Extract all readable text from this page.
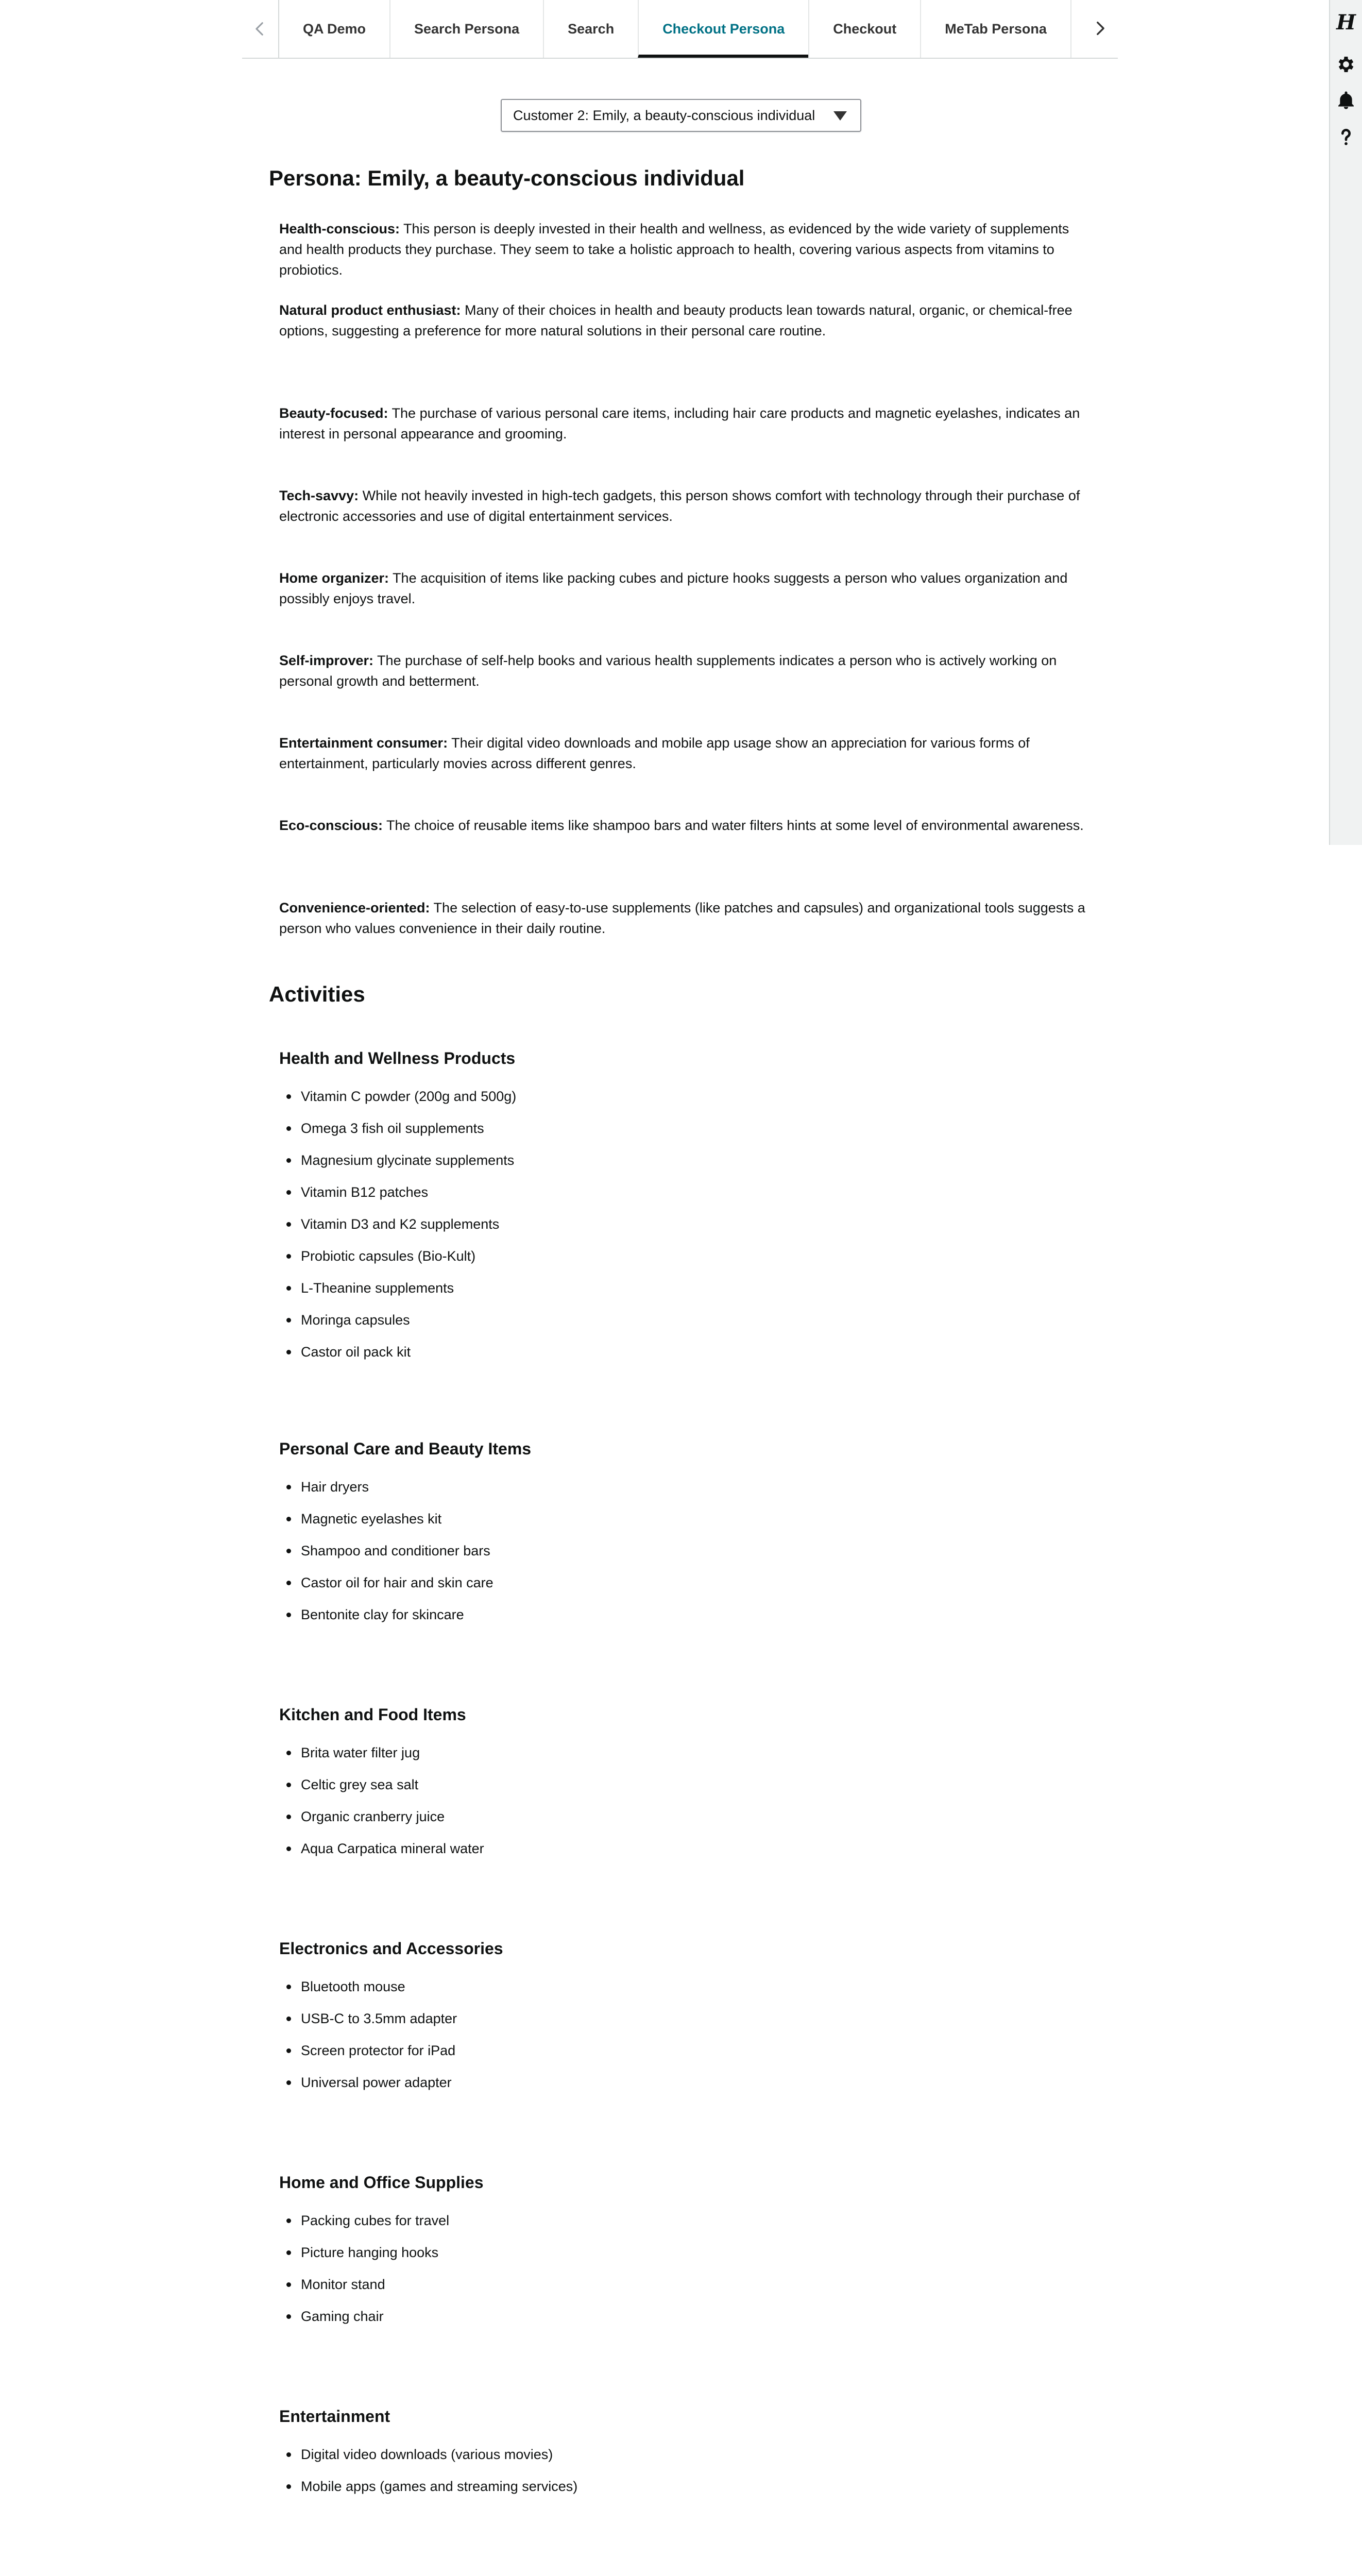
QA Demo	Search Persona	Search	Checkout Persona	Checkout	MeTab Persona	H
Customer 2: Emily, a beauty-conscious individual
Persona: Emily, a beauty-conscious individual
Health-conscious: This person is deeply invested in their health and wellness, as evidenced by the wide variety of supplements and health products they purchase. They seem to take a holistic approach to health, covering various aspects from vitamins to probiotics.
Natural product enthusiast: Many of their choices in health and beauty products lean towards natural, organic, or chemical-free options, suggesting a preference for more natural solutions in their personal care routine.
Beauty-focused: The purchase of various personal care items, including hair care products and magnetic eyelashes, indicates an interest in personal appearance and grooming.
Tech-savvy: While not heavily invested in high-tech gadgets, this person shows comfort with technology through their purchase of electronic accessories and use of digital entertainment services.
Home organizer: The acquisition of items like packing cubes and picture hooks suggests a person who values organization and possibly enjoys travel.
Self-improver: The purchase of self-help books and various health supplements indicates a person who is actively working on personal growth and betterment.
Entertainment consumer: Their digital video downloads and mobile app usage show an appreciation for various forms of entertainment, particularly movies across different genres.
Eco-conscious: The choice of reusable items like shampoo bars and water filters hints at some level of environmental awareness.
Convenience-oriented: The selection of easy-to-use supplements (like patches and capsules) and organizational tools suggests a person who values convenience in their daily routine.
Activities
Health and Wellness Products
Vitamin C powder (200g and 500g)
Omega 3 fish oil supplements
Magnesium glycinate supplements
Vitamin B12 patches
Vitamin D3 and K2 supplements
Probiotic capsules (Bio-Kult)
L-Theanine supplements
Moringa capsules
Castor oil pack kit
Personal Care and Beauty Items
Hair dryers
Magnetic eyelashes kit
Shampoo and conditioner bars
Castor oil for hair and skin care
Bentonite clay for skincare
Kitchen and Food Items
Brita water filter jug
Celtic grey sea salt
Organic cranberry juice
Aqua Carpatica mineral water
Electronics and Accessories
Bluetooth mouse
USB-C to 3.5mm adapter
Screen protector for iPad
Universal power adapter
Home and Office Supplies
Packing cubes for travel
Picture hanging hooks
Monitor stand
Gaming chair
Entertainment
Digital video downloads (various movies)
Mobile apps (games and streaming services)
